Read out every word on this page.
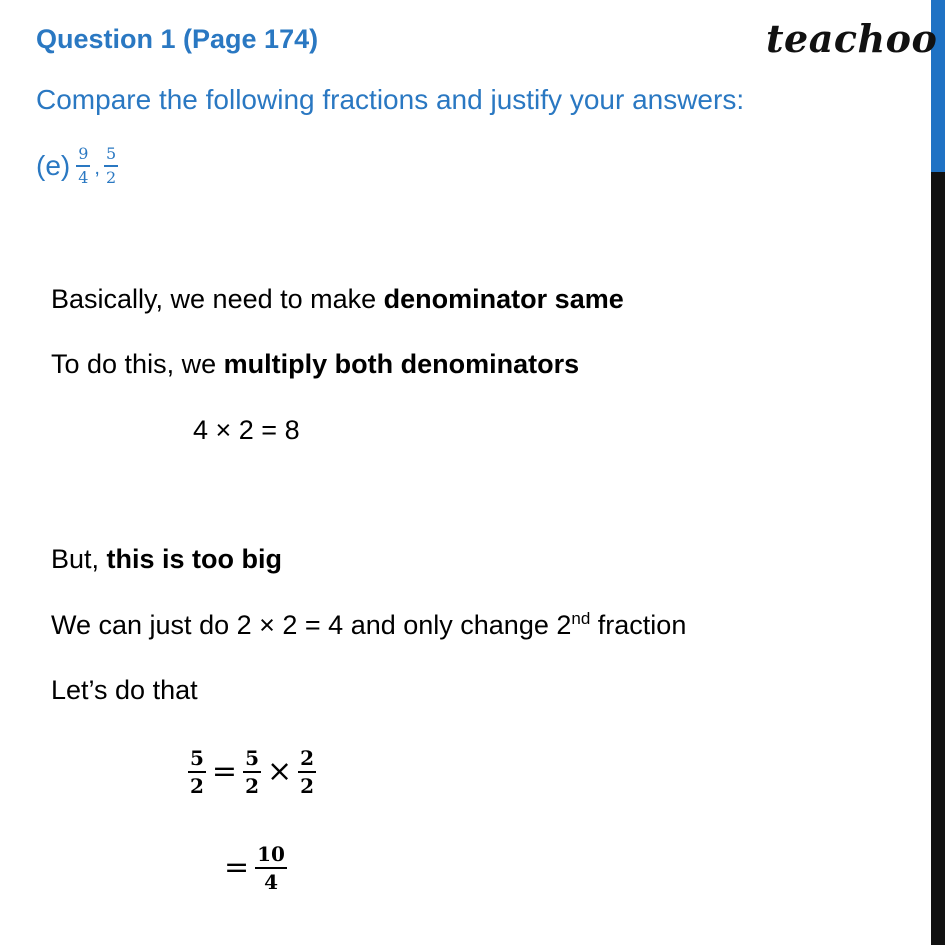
Question 1 (Page 174)	teachoo
Compare the following fractions and justify your answers:
$(e) \frac{9}{4}$ , $\frac{5}{2}$
Basically, we need to make denominator same
To do this, we multiply both denominators
4 × 2 = 8
But, this is too big
We can just do 2 × 2 = 4 and only change 2nd fraction
Let’s do that
$\frac{5}{2} = \frac{5}{2} \times \frac{2}{2}$
= $\frac{10}{4}$
